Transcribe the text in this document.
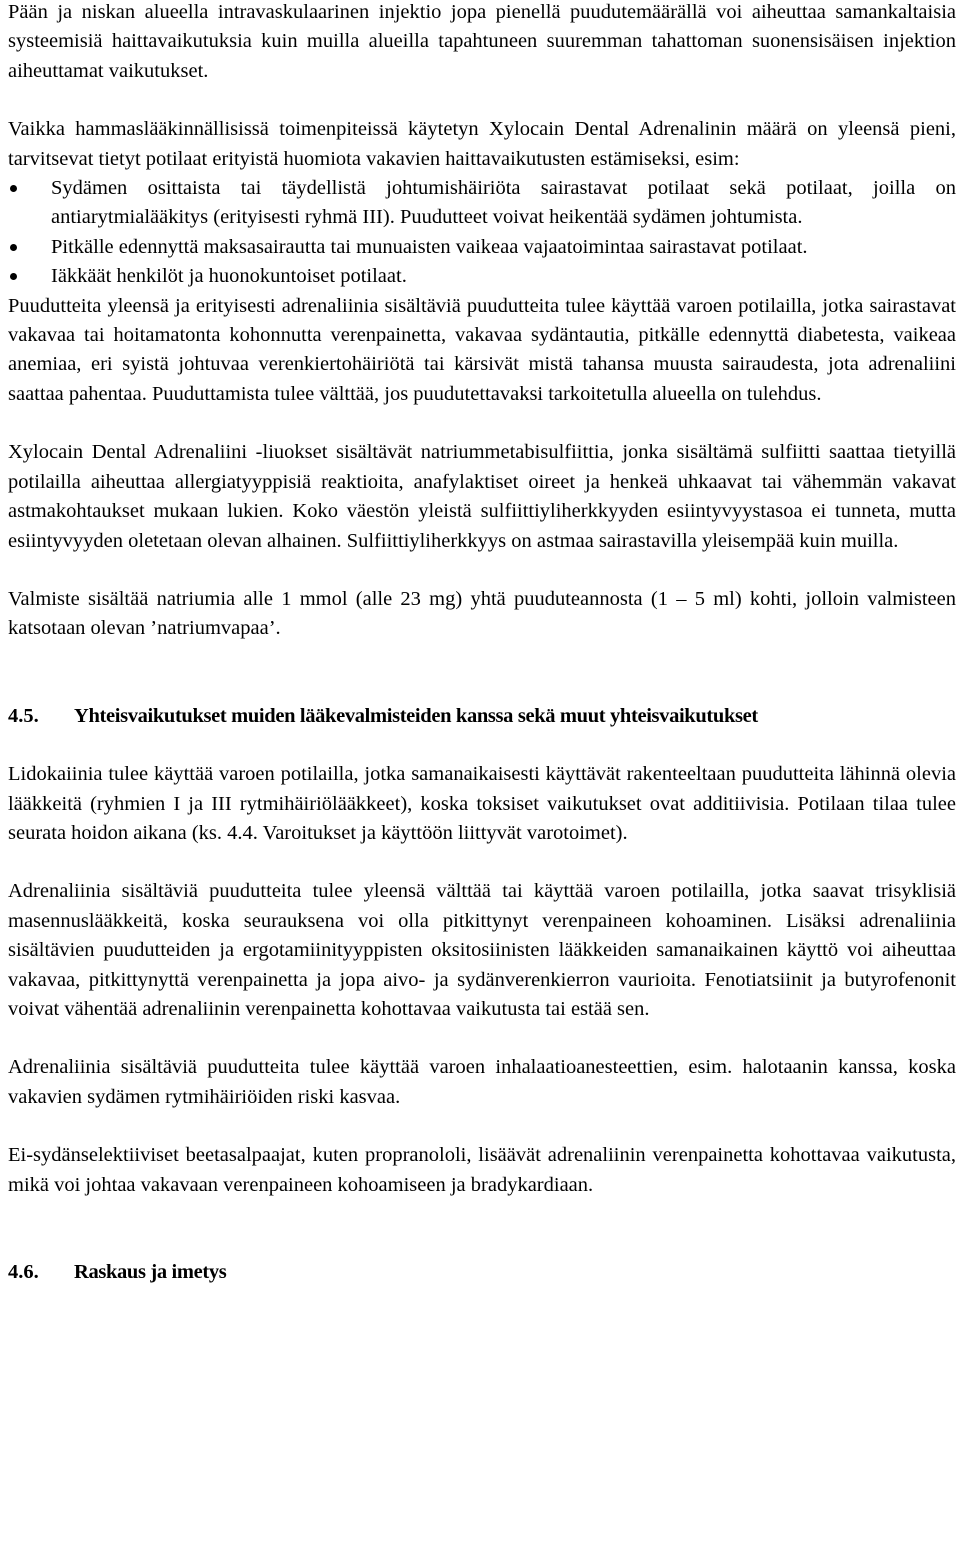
Pään ja niskan alueella intravaskulaarinen injektio jopa pienellä puudutemäärällä voi aiheuttaa samankaltaisia systeemisiä haittavaikutuksia kuin muilla alueilla tapahtuneen suuremman tahattoman suonensisäisen injektion aiheuttamat vaikutukset.

Vaikka hammaslääkinnällisissä toimenpiteissä käytetyn Xylocain Dental Adrenalinin määrä on yleensä pieni, tarvitsevat tietyt potilaat erityistä huomiota vakavien haittavaikutusten estämiseksi, esim:

Sydämen osittaista tai täydellistä johtumishäiriöta sairastavat potilaat sekä potilaat, joilla on antiarytmialääkitys (erityisesti ryhmä III). Puudutteet voivat heikentää sydämen johtumista.
Pitkälle edennyttä maksasairautta tai munuaisten vaikeaa vajaatoimintaa sairastavat potilaat.
Iäkkäät henkilöt ja huonokuntoiset potilaat.

Puudutteita yleensä ja erityisesti adrenaliinia sisältäviä puudutteita tulee käyttää varoen potilailla, jotka sairastavat vakavaa tai hoitamatonta kohonnutta verenpainetta, vakavaa sydäntautia, pitkälle edennyttä diabetesta, vaikeaa anemiaa, eri syistä johtuvaa verenkiertohäiriötä tai kärsivät mistä tahansa muusta sairaudesta, jota adrenaliini saattaa pahentaa. Puuduttamista tulee välttää, jos puudutettavaksi tarkoitetulla alueella on tulehdus.

Xylocain Dental Adrenaliini -liuokset sisältävät natriummetabisulfiittia, jonka sisältämä sulfiitti saattaa tietyillä potilailla aiheuttaa allergiatyyppisiä reaktioita, anafylaktiset oireet ja henkeä uhkaavat tai vähemmän vakavat astmakohtaukset mukaan lukien. Koko väestön yleistä sulfiittiyliherkkyyden esiintyvyystasoa ei tunneta, mutta esiintyvyyden oletetaan olevan alhainen. Sulfiittiyliherkkyys on astmaa sairastavilla yleisempää kuin muilla.

Valmiste sisältää natriumia alle 1 mmol (alle 23 mg) yhtä puuduteannosta (1 – 5 ml) kohti, jolloin valmisteen katsotaan olevan ’natriumvapaa’.

4.5.	Yhteisvaikutukset muiden lääkevalmisteiden kanssa sekä muut yhteisvaikutukset

Lidokaiinia tulee käyttää varoen potilailla, jotka samanaikaisesti käyttävät rakenteeltaan puudutteita lähinnä olevia lääkkeitä (ryhmien I ja III rytmihäiriölääkkeet), koska toksiset vaikutukset ovat additiivisia. Potilaan tilaa tulee seurata hoidon aikana (ks. 4.4. Varoitukset ja käyttöön liittyvät varotoimet).

Adrenaliinia sisältäviä puudutteita tulee yleensä välttää tai käyttää varoen potilailla, jotka saavat trisyklisiä masennuslääkkeitä, koska seurauksena voi olla pitkittynyt verenpaineen kohoaminen. Lisäksi adrenaliinia sisältävien puudutteiden ja ergotamiinityyppisten oksitosiinisten lääkkeiden samanaikainen käyttö voi aiheuttaa vakavaa, pitkittynyttä verenpainetta ja jopa aivo- ja sydänverenkierron vaurioita. Fenotiatsiinit ja butyrofenonit voivat vähentää adrenaliinin verenpainetta kohottavaa vaikutusta tai estää sen.

Adrenaliinia sisältäviä puudutteita tulee käyttää varoen inhalaatioanesteettien, esim. halotaanin kanssa, koska vakavien sydämen rytmihäiriöiden riski kasvaa.

Ei-sydänselektiiviset beetasalpaajat, kuten propranololi, lisäävät adrenaliinin verenpainetta kohottavaa vaikutusta, mikä voi johtaa vakavaan verenpaineen kohoamiseen ja bradykardiaan.

4.6.	Raskaus ja imetys
